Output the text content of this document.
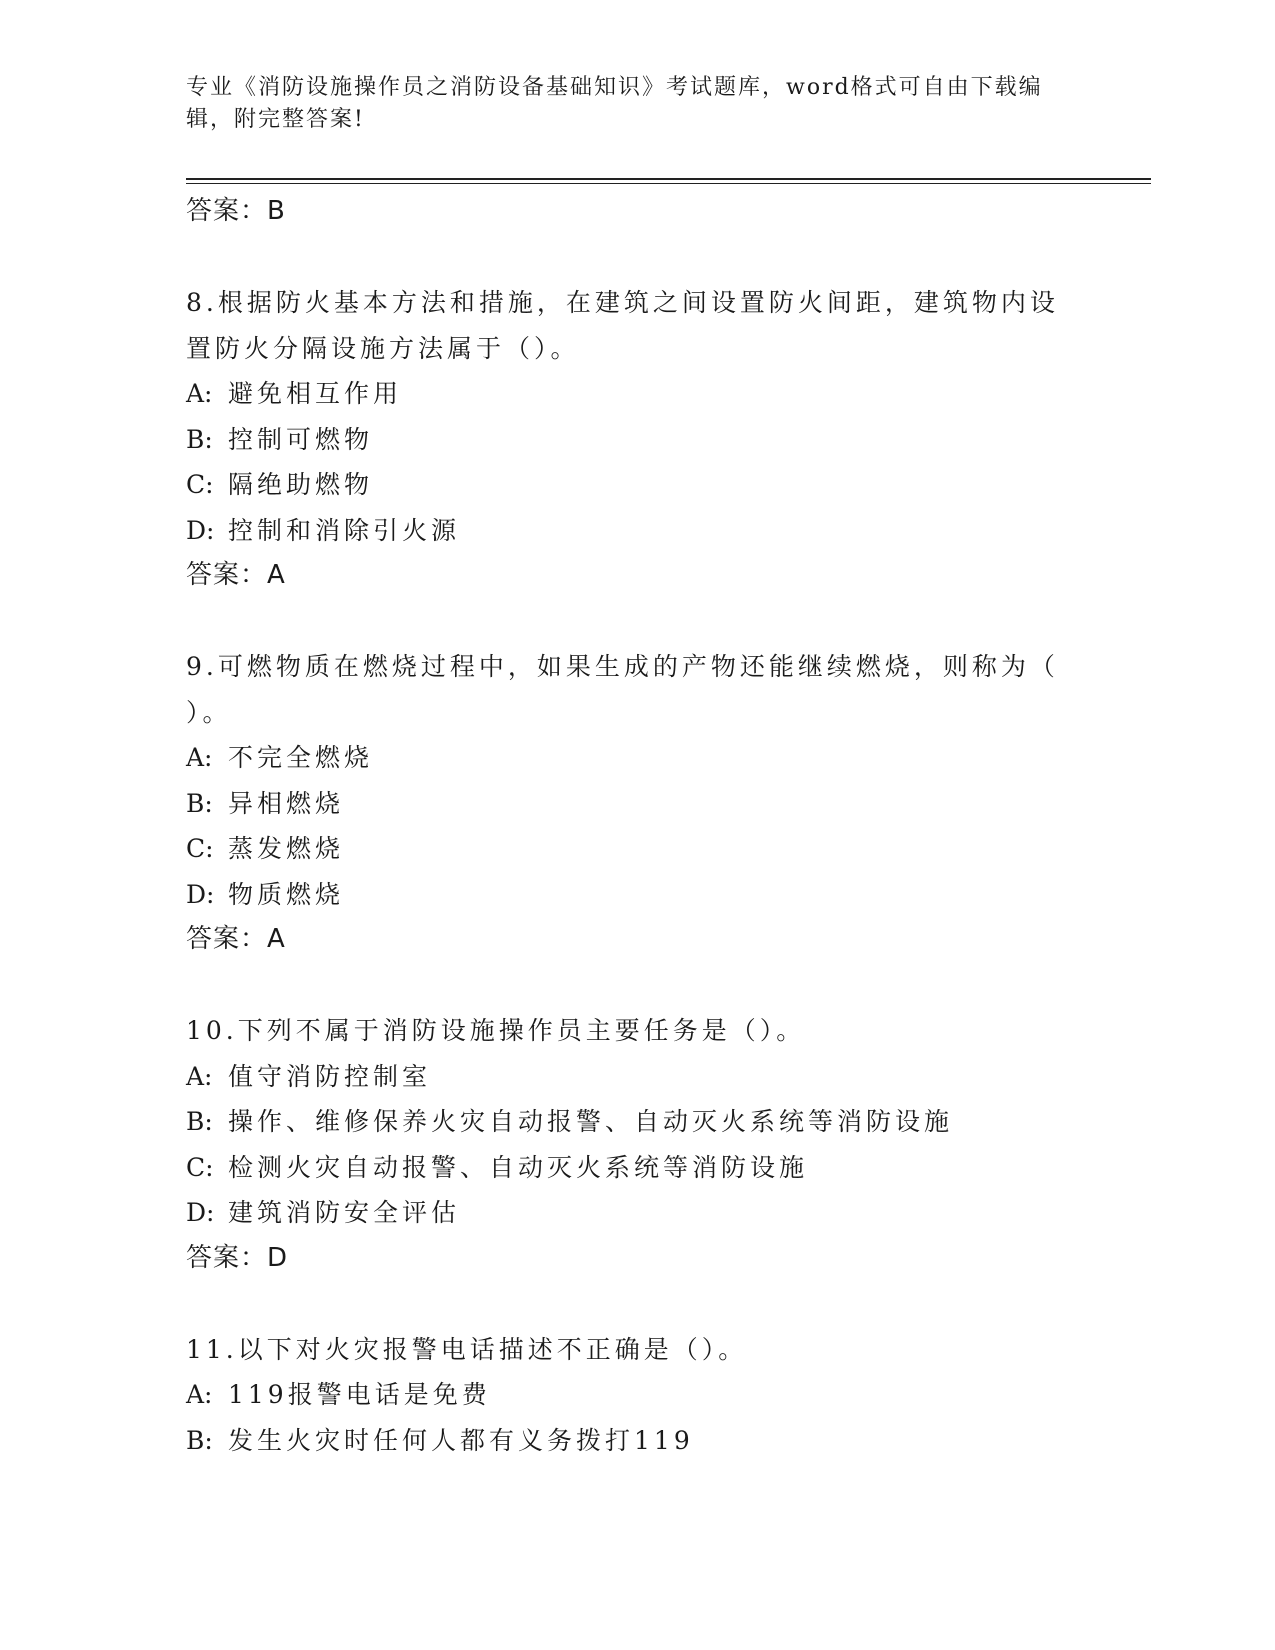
专业《消防设施操作员之消防设备基础知识》考试题库，word格式可自由下载编
辑，附完整答案!
答案：B
8.根据防火基本方法和措施，在建筑之间设置防火间距，建筑物内设
置防火分隔设施方法属于（）。
A: 避免相互作用
B: 控制可燃物
C: 隔绝助燃物
D: 控制和消除引火源
答案：A
9.可燃物质在燃烧过程中，如果生成的产物还能继续燃烧，则称为（
）。
A: 不完全燃烧
B: 异相燃烧
C: 蒸发燃烧
D: 物质燃烧
答案：A
10.下列不属于消防设施操作员主要任务是（）。
A: 值守消防控制室
B: 操作、维修保养火灾自动报警、自动灭火系统等消防设施
C: 检测火灾自动报警、自动灭火系统等消防设施
D: 建筑消防安全评估
答案：D
11.以下对火灾报警电话描述不正确是（）。
A: 119报警电话是免费
B: 发生火灾时任何人都有义务拨打119
